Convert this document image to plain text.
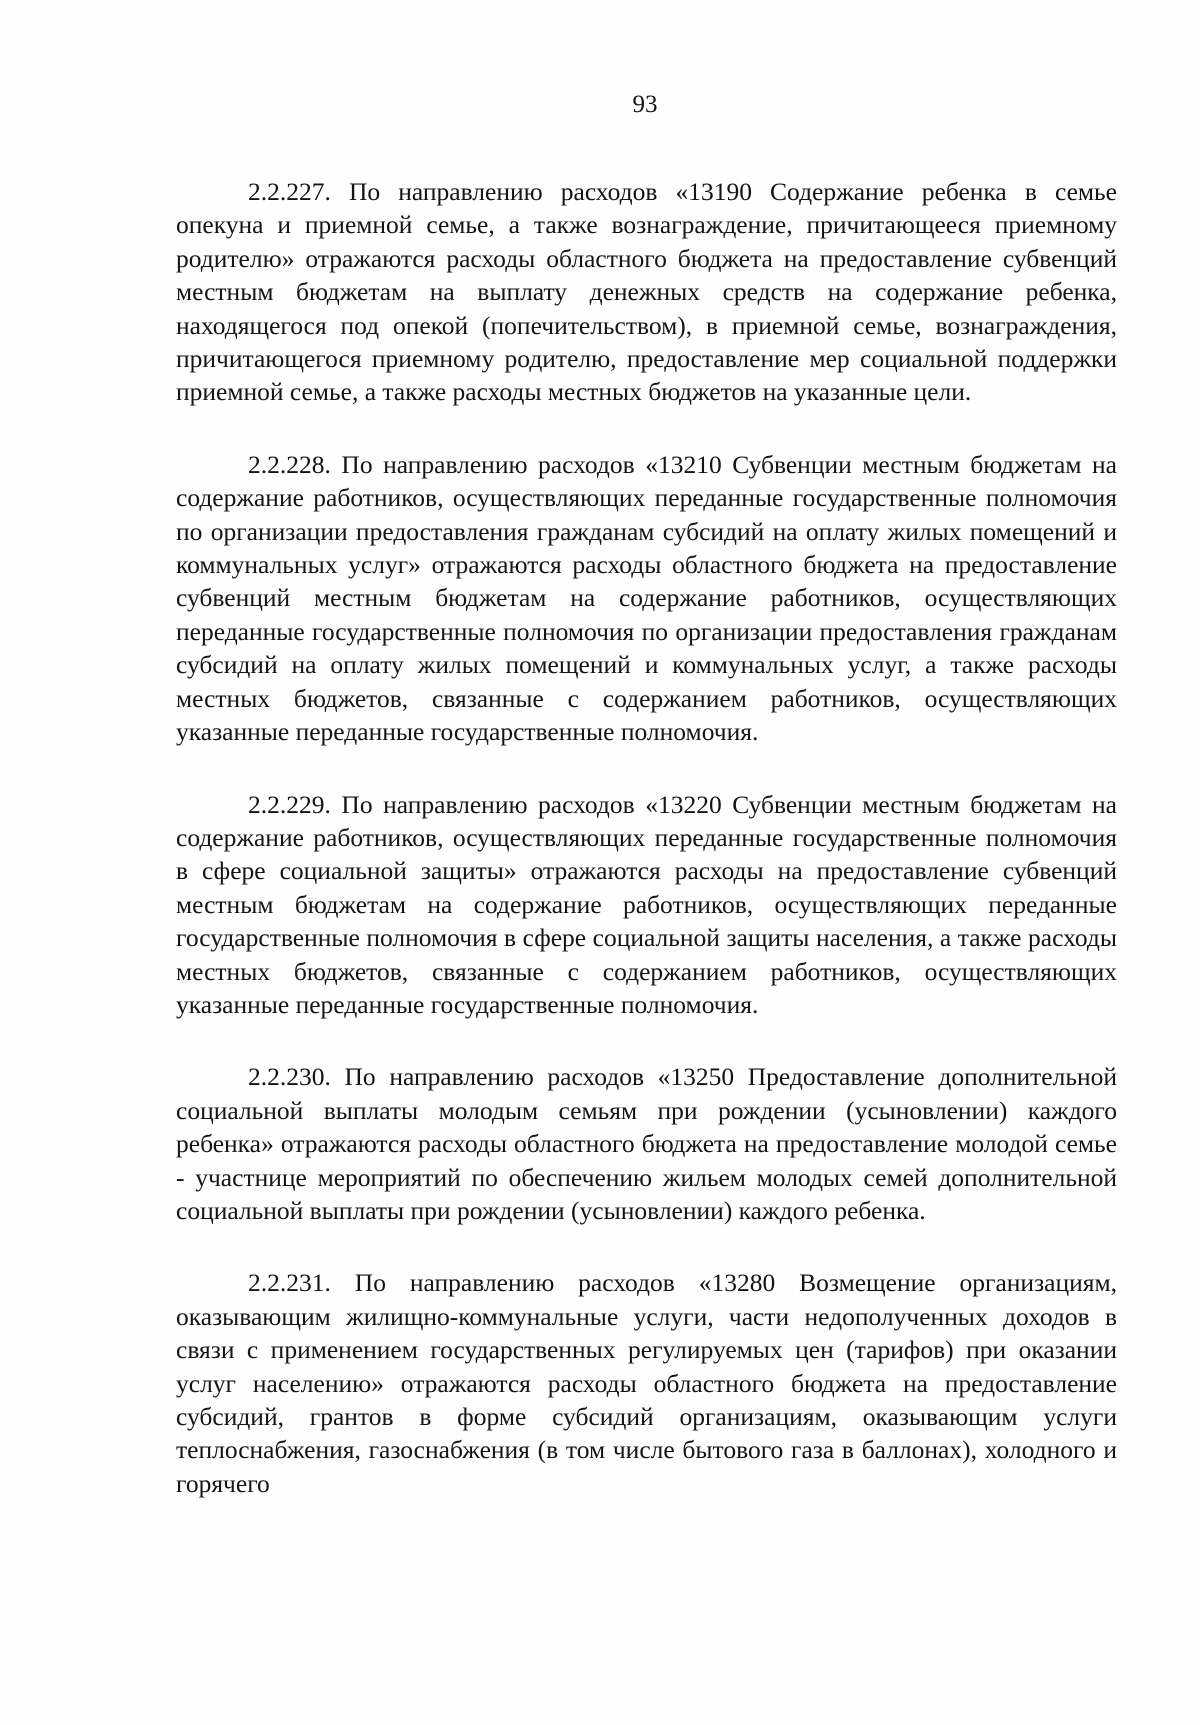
93

2.2.227. По направлению расходов «13190 Содержание ребенка в семье опекуна и приемной семье, а также вознаграждение, причитающееся приемному родителю» отражаются расходы областного бюджета на предоставление субвенций местным бюджетам на выплату денежных средств на содержание ребенка, находящегося под опекой (попечительством), в приемной семье, вознаграждения, причитающегося приемному родителю, предоставление мер социальной поддержки приемной семье, а также расходы местных бюджетов на указанные цели.

2.2.228. По направлению расходов «13210 Субвенции местным бюджетам на содержание работников, осуществляющих переданные государственные полномочия по организации предоставления гражданам субсидий на оплату жилых помещений и коммунальных услуг» отражаются расходы областного бюджета на предоставление субвенций местным бюджетам на содержание работников, осуществляющих переданные государственные полномочия по организации предоставления гражданам субсидий на оплату жилых помещений и коммунальных услуг, а также расходы местных бюджетов, связанные с содержанием работников, осуществляющих указанные переданные государственные полномочия.

2.2.229. По направлению расходов «13220 Субвенции местным бюджетам на содержание работников, осуществляющих переданные государственные полномочия в сфере социальной защиты» отражаются расходы на предоставление субвенций местным бюджетам на содержание работников, осуществляющих переданные государственные полномочия в сфере социальной защиты населения, а также расходы местных бюджетов, связанные с содержанием работников, осуществляющих указанные переданные государственные полномочия.

2.2.230. По направлению расходов «13250 Предоставление дополнительной социальной выплаты молодым семьям при рождении (усыновлении) каждого ребенка» отражаются расходы областного бюджета на предоставление молодой семье - участнице мероприятий по обеспечению жильем молодых семей дополнительной социальной выплаты при рождении (усыновлении) каждого ребенка.

2.2.231. По направлению расходов «13280 Возмещение организациям, оказывающим жилищно-коммунальные услуги, части недополученных доходов в связи с применением государственных регулируемых цен (тарифов) при оказании услуг населению» отражаются расходы областного бюджета на предоставление субсидий, грантов в форме субсидий организациям, оказывающим услуги теплоснабжения, газоснабжения (в том числе бытового газа в баллонах), холодного и горячего
